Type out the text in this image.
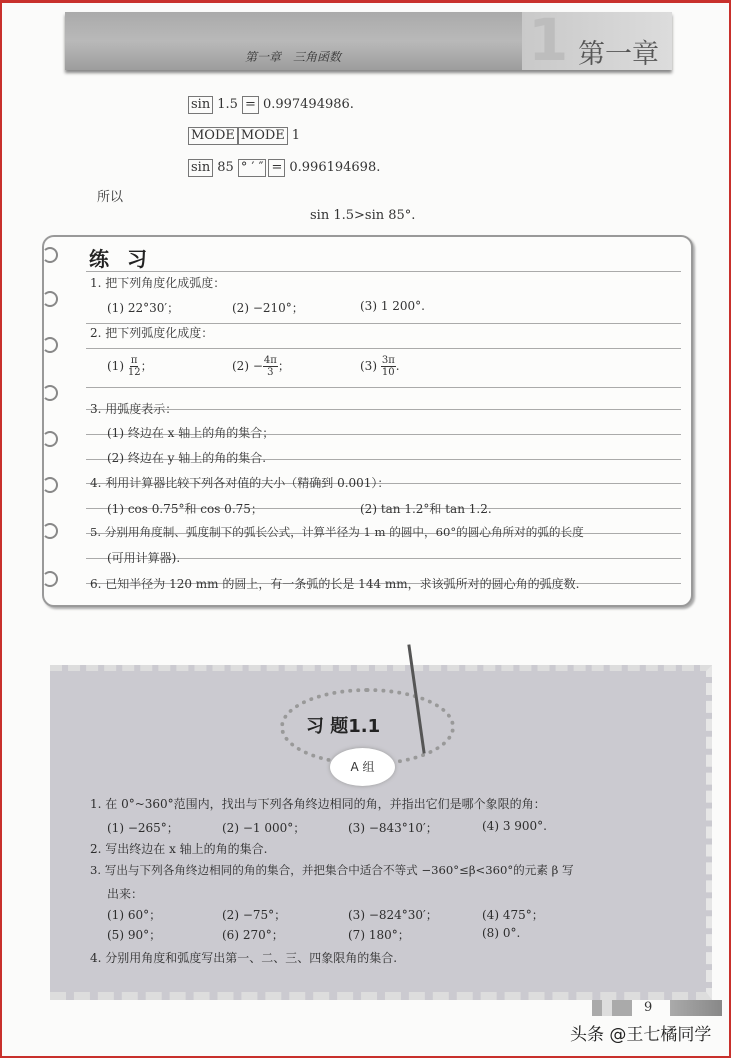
第一章　三角函数	1 第一章
sin 1.5 = 0.997494986.
MODE MODE 1
sin 85 ° ′ ″ = 0.996194698.
所以
sin 1.5>sin 85°.
练习
1. 把下列角度化成弧度：
(1) 22°30′；	(2) −210°；	(3) 1 200°.
2. 把下列弧度化成度：
$(1) \frac{\pi}{12}$ ；	$(2) - \frac{4\pi}{3}$ ；	$(3) \frac{3\pi}{10}$ .
3. 用弧度表示：
(1) 终边在 x 轴上的角的集合；
(2) 终边在 y 轴上的角的集合.
4. 利用计算器比较下列各对值的大小（精确到 0.001）：
(1) cos 0.75°和 cos 0.75；	(2) tan 1.2°和 tan 1.2.
5. 分别用角度制、弧度制下的弧长公式，计算半径为 1 m 的圆中，60°的圆心角所对的弧的长度
(可用计算器).
6. 已知半径为 120 mm 的圆上，有一条弧的长是 144 mm，求该弧所对的圆心角的弧度数.
习 题1.1
A 组
1. 在 0°~360°范围内，找出与下列各角终边相同的角，并指出它们是哪个象限的角：
(1) −265°；	(2) −1 000°；	(3) −843°10′；	(4) 3 900°.
2. 写出终边在 x 轴上的角的集合.
3. 写出与下列各角终边相同的角的集合，并把集合中适合不等式 −360°≤β<360°的元素 β 写
出来：
(1) 60°；	(2) −75°；	(3) −824°30′；	(4) 475°；
(5) 90°；	(6) 270°；	(7) 180°；	(8) 0°.
4. 分别用角度和弧度写出第一、二、三、四象限角的集合.
9
头条 @王七橘同学
